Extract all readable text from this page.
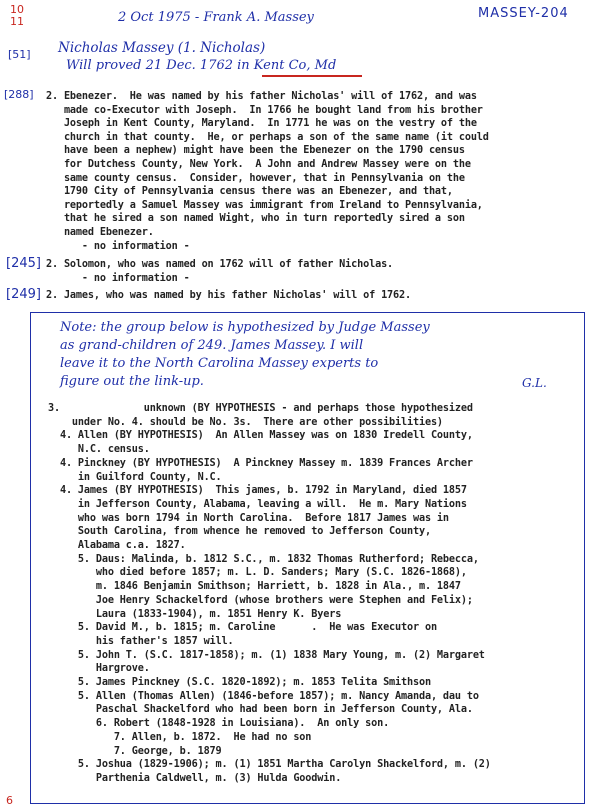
10
11	2 Oct 1975 - Frank A. Massey	MASSEY-204
[51] Nicholas Massey (1. Nicholas)
Will proved 21 Dec. 1762 in Kent Co, Md
[288] 2. Ebenezer.  He was named by his father Nicholas' will of 1762, and was
made co-Executor with Joseph.  In 1766 he bought land from his brother
Joseph in Kent County, Maryland.  In 1771 he was on the vestry of the
church in that county.  He, or perhaps a son of the same name (it could
have been a nephew) might have been the Ebenezer on the 1790 census
for Dutchess County, New York.  A John and Andrew Massey were on the
same county census.  Consider, however, that in Pennsylvania on the
1790 City of Pennsylvania census there was an Ebenezer, and that,
reportedly a Samuel Massey was immigrant from Ireland to Pennsylvania,
that he sired a son named Wight, who in turn reportedly sired a son
named Ebenezer.
- no information -
[245] 2. Solomon, who was named on 1762 will of father Nicholas.
- no information -
[249] 2. James, who was named by his father Nicholas' will of 1762.
Note: the group below is hypothesized by Judge Massey
as grand-children of 249. James Massey. I will
leave it to the North Carolina Massey experts to
figure out the link-up.	G.L.
3.              unknown (BY HYPOTHESIS - and perhaps those hypothesized
under No. 4. should be No. 3s.  There are other possibilities)
4. Allen (BY HYPOTHESIS)  An Allen Massey was on 1830 Iredell County,
N.C. census.
4. Pinckney (BY HYPOTHESIS)  A Pinckney Massey m. 1839 Frances Archer
in Guilford County, N.C.
4. James (BY HYPOTHESIS)  This james, b. 1792 in Maryland, died 1857
in Jefferson County, Alabama, leaving a will.  He m. Mary Nations
who was born 1794 in North Carolina.  Before 1817 James was in
South Carolina, from whence he removed to Jefferson County,
Alabama c.a. 1827.
5. Daus: Malinda, b. 1812 S.C., m. 1832 Thomas Rutherford; Rebecca,
who died before 1857; m. L. D. Sanders; Mary (S.C. 1826-1868),
m. 1846 Benjamin Smithson; Harriett, b. 1828 in Ala., m. 1847
Joe Henry Schackelford (whose brothers were Stephen and Felix);
Laura (1833-1904), m. 1851 Henry K. Byers
5. David M., b. 1815; m. Caroline      .  He was Executor on
his father's 1857 will.
5. John T. (S.C. 1817-1858); m. (1) 1838 Mary Young, m. (2) Margaret
Hargrove.
5. James Pinckney (S.C. 1820-1892); m. 1853 Telita Smithson
5. Allen (Thomas Allen) (1846-before 1857); m. Nancy Amanda, dau to
Paschal Shackelford who had been born in Jefferson County, Ala.
6. Robert (1848-1928 in Louisiana).  An only son.
7. Allen, b. 1872.  He had no son
7. George, b. 1879
5. Joshua (1829-1906); m. (1) 1851 Martha Carolyn Shackelford, m. (2)
Parthenia Caldwell, m. (3) Hulda Goodwin.
6
